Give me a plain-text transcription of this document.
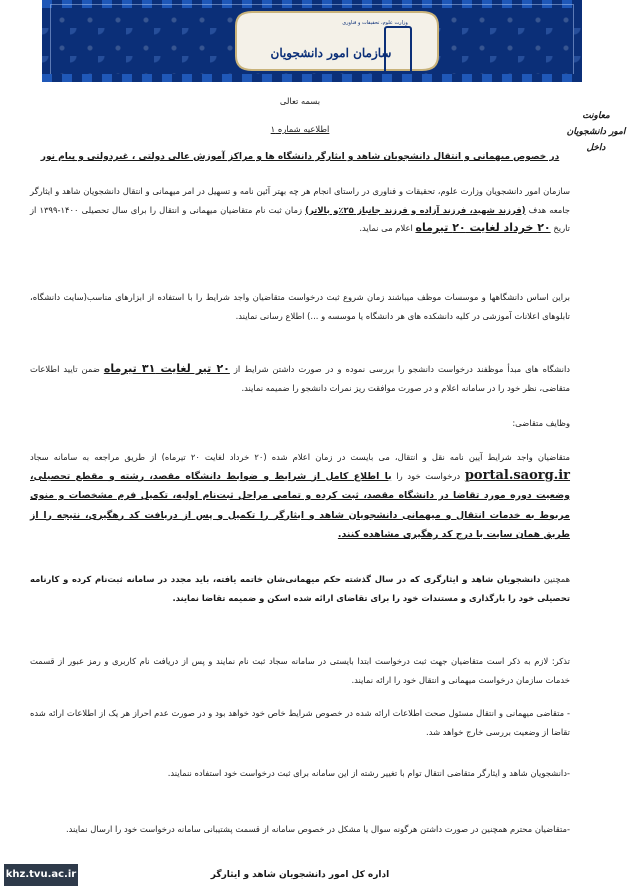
وزارت علوم، تحقیقات و فناوری
سازمان امور دانشجویان
معاونت
امور دانشجویان داخل
بسمه تعالی
اطلاعیه شماره ۱
در خصوص میهمانی و انتقال دانشجویان شاهد و ایثارگر دانشگاه ها و مراکز آموزش عالی دولتی ، غیردولتی و پیام نور
سازمان امور دانشجویان وزارت علوم، تحقیقات و فناوری در راستای انجام هر چه بهتر آئین نامه و تسهیل در امر میهمانی و انتقال دانشجویان شاهد و ایثارگر جامعه هدف (فرزند شهید، فرزند آزاده و فرزند جانباز ۲۵٪و بالاتر) زمان ثبت نام متقاضیان میهمانی و انتقال را برای سال تحصیلی ۱۴۰۰-۱۳۹۹ از تاریخ ۲۰ خرداد لغایت ۲۰ تیرماه اعلام می نماید.
براین اساس دانشگاهها و موسسات موظف میباشند زمان شروع ثبت درخواست متقاضیان واجد شرایط را با استفاده از ابزارهای مناسب(سایت دانشگاه، تابلوهای اعلانات آموزشی در کلیه دانشکده های هر دانشگاه یا موسسه و ...) اطلاع رسانی نمایند.
دانشگاه های مبدأ موظفند درخواست دانشجو را بررسی نموده و در صورت داشتن شرایط از ۲۰ تیر لغایت ۳۱ تیرماه ضمن تایید اطلاعات متقاضی، نظر خود را در سامانه اعلام و در صورت موافقت ریز نمرات دانشجو را ضمیمه نمایند.
وظایف متقاضی:
متقاضیان واجد شرایط آیین نامه نقل و انتقال، می بایست در زمان اعلام شده (۲۰ خرداد لغایت ۲۰ تیرماه) از طریق مراجعه به سامانه سجاد portal.saorg.ir درخواست خود را با اطلاع کامل از شرایط و ضوابط دانشگاه مقصد، رشته و مقطع تحصیلی، وضعیت دوره مورد تقاضا در دانشگاه مقصد، ثبت کرده و تمامی مراحل ثبت‌نام اولیه، تکمیل فرم مشخصات و منوی مربوط به خدمات انتقال و میهمانی دانشجویان شاهد و ایثارگر را تکمیل و پس از دریافت کد رهگیری، نتیجه را از طریق همان سایت با درج کد رهگیری مشاهده کنند.
همچنین دانشجویان شاهد و ایثارگری که در سال گذشته حکم میهمانی‌شان خاتمه یافته، باید مجدد در سامانه ثبت‌نام کرده و کارنامه تحصیلی خود را بارگذاری و مستندات خود را برای تقاضای ارائه شده اسکن و ضمیمه تقاضا نمایند.
تذکر: لازم به ذکر است متقاضیان جهت ثبت درخواست ابتدا بایستی در سامانه سجاد ثبت نام نمایند و پس از دریافت نام کاربری و رمز عبور از قسمت خدمات سازمان درخواست میهمانی و انتقال خود را ارائه نمایند.
- متقاضی میهمانی و انتقال مسئول صحت اطلاعات ارائه شده در خصوص شرایط خاص خود خواهد بود و در صورت عدم احراز هر یک از اطلاعات ارائه شده تقاضا از وضعیت بررسی خارج خواهد شد.
-دانشجویان شاهد و ایثارگر متقاضی انتقال توام با تغییر رشته از این سامانه برای ثبت درخواست خود استفاده ننمایند.
-متقاضیان محترم همچنین در صورت داشتن هرگونه سوال یا مشکل در خصوص سامانه از قسمت پشتیبانی سامانه درخواست خود را ارسال نمایند.
اداره کل امور دانشجویان شاهد و ایثارگر
khz.tvu.ac.ir
